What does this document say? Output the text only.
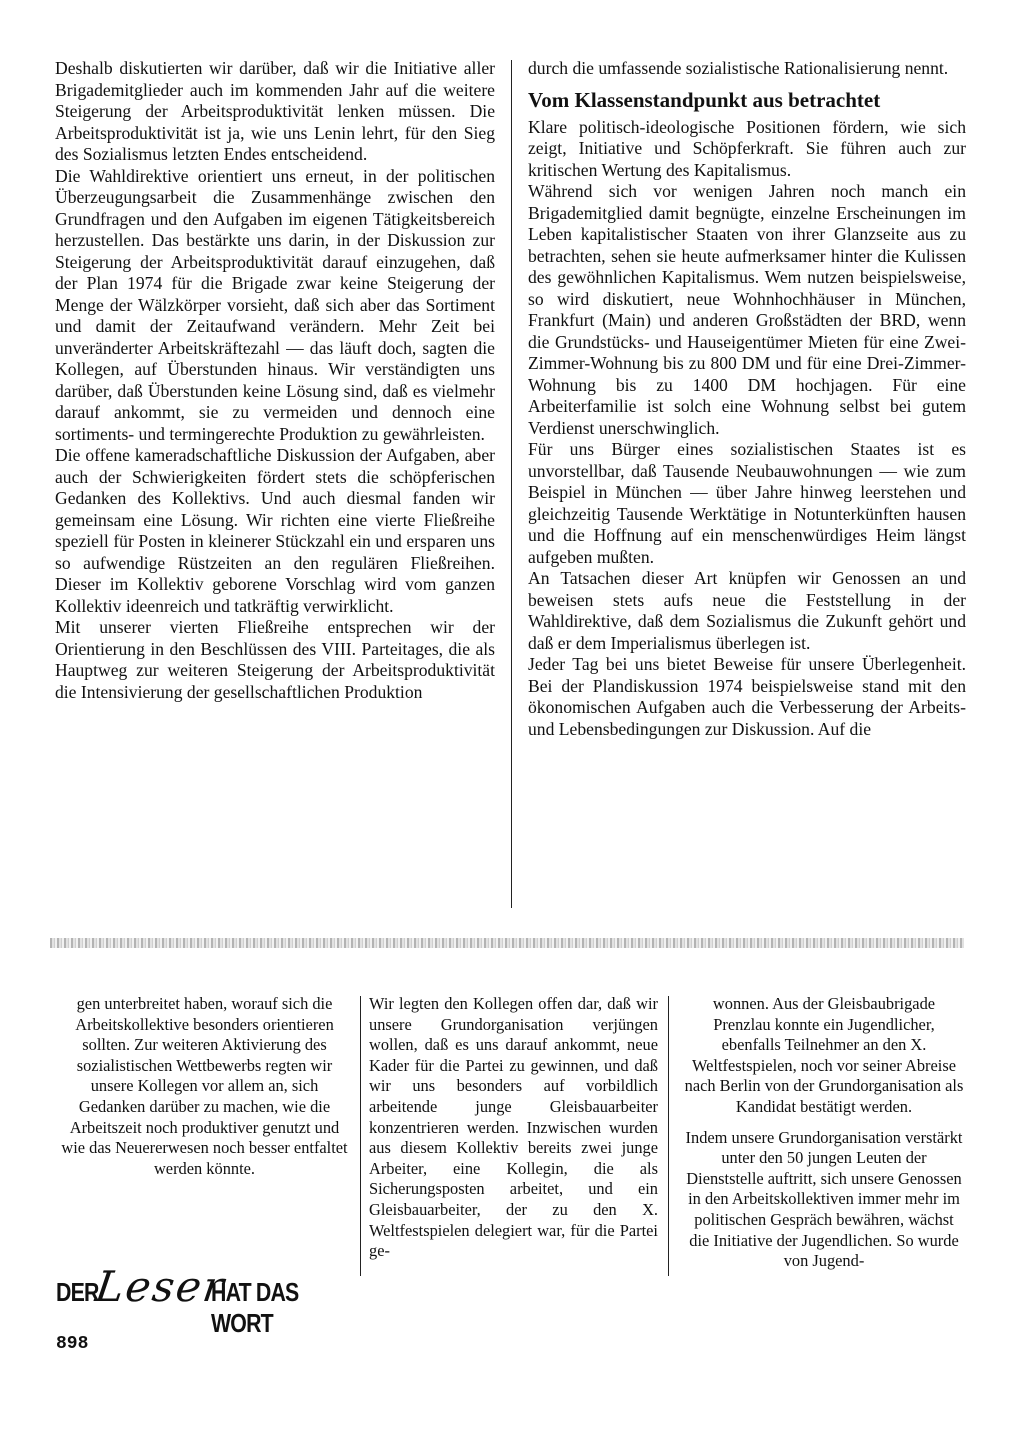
Deshalb diskutierten wir darüber, daß wir die Initiative aller Brigademitglieder auch im kommenden Jahr auf die weitere Steigerung der Arbeitsproduktivität lenken müssen. Die Arbeitsproduktivität ist ja, wie uns Lenin lehrt, für den Sieg des Sozialismus letzten Endes entscheidend.

Die Wahldirektive orientiert uns erneut, in der politischen Überzeugungsarbeit die Zusammenhänge zwischen den Grundfragen und den Aufgaben im eigenen Tätigkeitsbereich herzustellen. Das bestärkte uns darin, in der Diskussion zur Steigerung der Arbeitsproduktivität darauf einzugehen, daß der Plan 1974 für die Brigade zwar keine Steigerung der Menge der Wälzkörper vorsieht, daß sich aber das Sortiment und damit der Zeitaufwand verändern. Mehr Zeit bei unveränderter Arbeitskräftezahl — das läuft doch, sagten die Kollegen, auf Überstunden hinaus. Wir verständigten uns darüber, daß Überstunden keine Lösung sind, daß es vielmehr darauf ankommt, sie zu vermeiden und dennoch eine sortiments- und termingerechte Produktion zu gewährleisten.

Die offene kameradschaftliche Diskussion der Aufgaben, aber auch der Schwierigkeiten fördert stets die schöpferischen Gedanken des Kollektivs. Und auch diesmal fanden wir gemeinsam eine Lösung. Wir richten eine vierte Fließreihe speziell für Posten in kleinerer Stückzahl ein und ersparen uns so aufwendige Rüstzeiten an den regulären Fließreihen. Dieser im Kollektiv geborene Vorschlag wird vom ganzen Kollektiv ideenreich und tatkräftig verwirklicht.

Mit unserer vierten Fließreihe entsprechen wir der Orientierung in den Beschlüssen des VIII. Parteitages, die als Hauptweg zur weiteren Steigerung der Arbeitsproduktivität die Intensivierung der gesellschaftlichen Produktion

durch die umfassende sozialistische Rationalisierung nennt.

Vom Klassenstandpunkt aus betrachtet

Klare politisch-ideologische Positionen fördern, wie sich zeigt, Initiative und Schöpferkraft. Sie führen auch zur kritischen Wertung des Kapitalismus.

Während sich vor wenigen Jahren noch manch ein Brigademitglied damit begnügte, einzelne Erscheinungen im Leben kapitalistischer Staaten von ihrer Glanzseite aus zu betrachten, sehen sie heute aufmerksamer hinter die Kulissen des gewöhnlichen Kapitalismus. Wem nutzen beispielsweise, so wird diskutiert, neue Wohnhochhäuser in München, Frankfurt (Main) und anderen Großstädten der BRD, wenn die Grundstücks- und Hauseigentümer Mieten für eine Zwei-Zimmer-Wohnung bis zu 800 DM und für eine Drei-Zimmer-Wohnung bis zu 1400 DM hochjagen. Für eine Arbeiterfamilie ist solch eine Wohnung selbst bei gutem Verdienst unerschwinglich.

Für uns Bürger eines sozialistischen Staates ist es unvorstellbar, daß Tausende Neubauwohnungen — wie zum Beispiel in München — über Jahre hinweg leerstehen und gleichzeitig Tausende Werktätige in Notunterkünften hausen und die Hoffnung auf ein menschenwürdiges Heim längst aufgeben mußten.

An Tatsachen dieser Art knüpfen wir Genossen an und beweisen stets aufs neue die Feststellung in der Wahldirektive, daß dem Sozialismus die Zukunft gehört und daß er dem Imperialismus überlegen ist.

Jeder Tag bei uns bietet Beweise für unsere Überlegenheit. Bei der Plandiskussion 1974 beispielsweise stand mit den ökonomischen Aufgaben auch die Verbesserung der Arbeits- und Lebensbedingungen zur Diskussion. Auf die

gen unterbreitet haben, worauf sich die Arbeitskollektive besonders orientieren sollten. Zur weiteren Aktivierung des sozialistischen Wettbewerbs regten wir unsere Kollegen vor allem an, sich Gedanken darüber zu machen, wie die Arbeitszeit noch produktiver genutzt und wie das Neuererwesen noch besser entfaltet werden könnte.

Wir legten den Kollegen offen dar, daß wir unsere Grundorganisation verjüngen wollen, daß es uns darauf ankommt, neue Kader für die Partei zu gewinnen, und daß wir uns besonders auf vorbildlich arbeitende junge Gleisbauarbeiter konzentrieren werden. Inzwischen wurden aus diesem Kollektiv bereits zwei junge Arbeiter, eine Kollegin, die als Sicherungsposten arbeitet, und ein Gleisbauarbeiter, der zu den X. Weltfestspielen delegiert war, für die Partei ge-

wonnen. Aus der Gleisbaubrigade Prenzlau konnte ein Jugendlicher, ebenfalls Teilnehmer an den X. Weltfestspielen, noch vor seiner Abreise nach Berlin von der Grundorganisation als Kandidat bestätigt werden.

Indem unsere Grundorganisation verstärkt unter den 50 jungen Leuten der Dienststelle auftritt, sich unsere Genossen in den Arbeitskollektiven immer mehr im politischen Gespräch bewähren, wächst die Initiative der Jugendlichen. So wurde von Jugend-

DER
Leser
HAT DAS WORT
898
